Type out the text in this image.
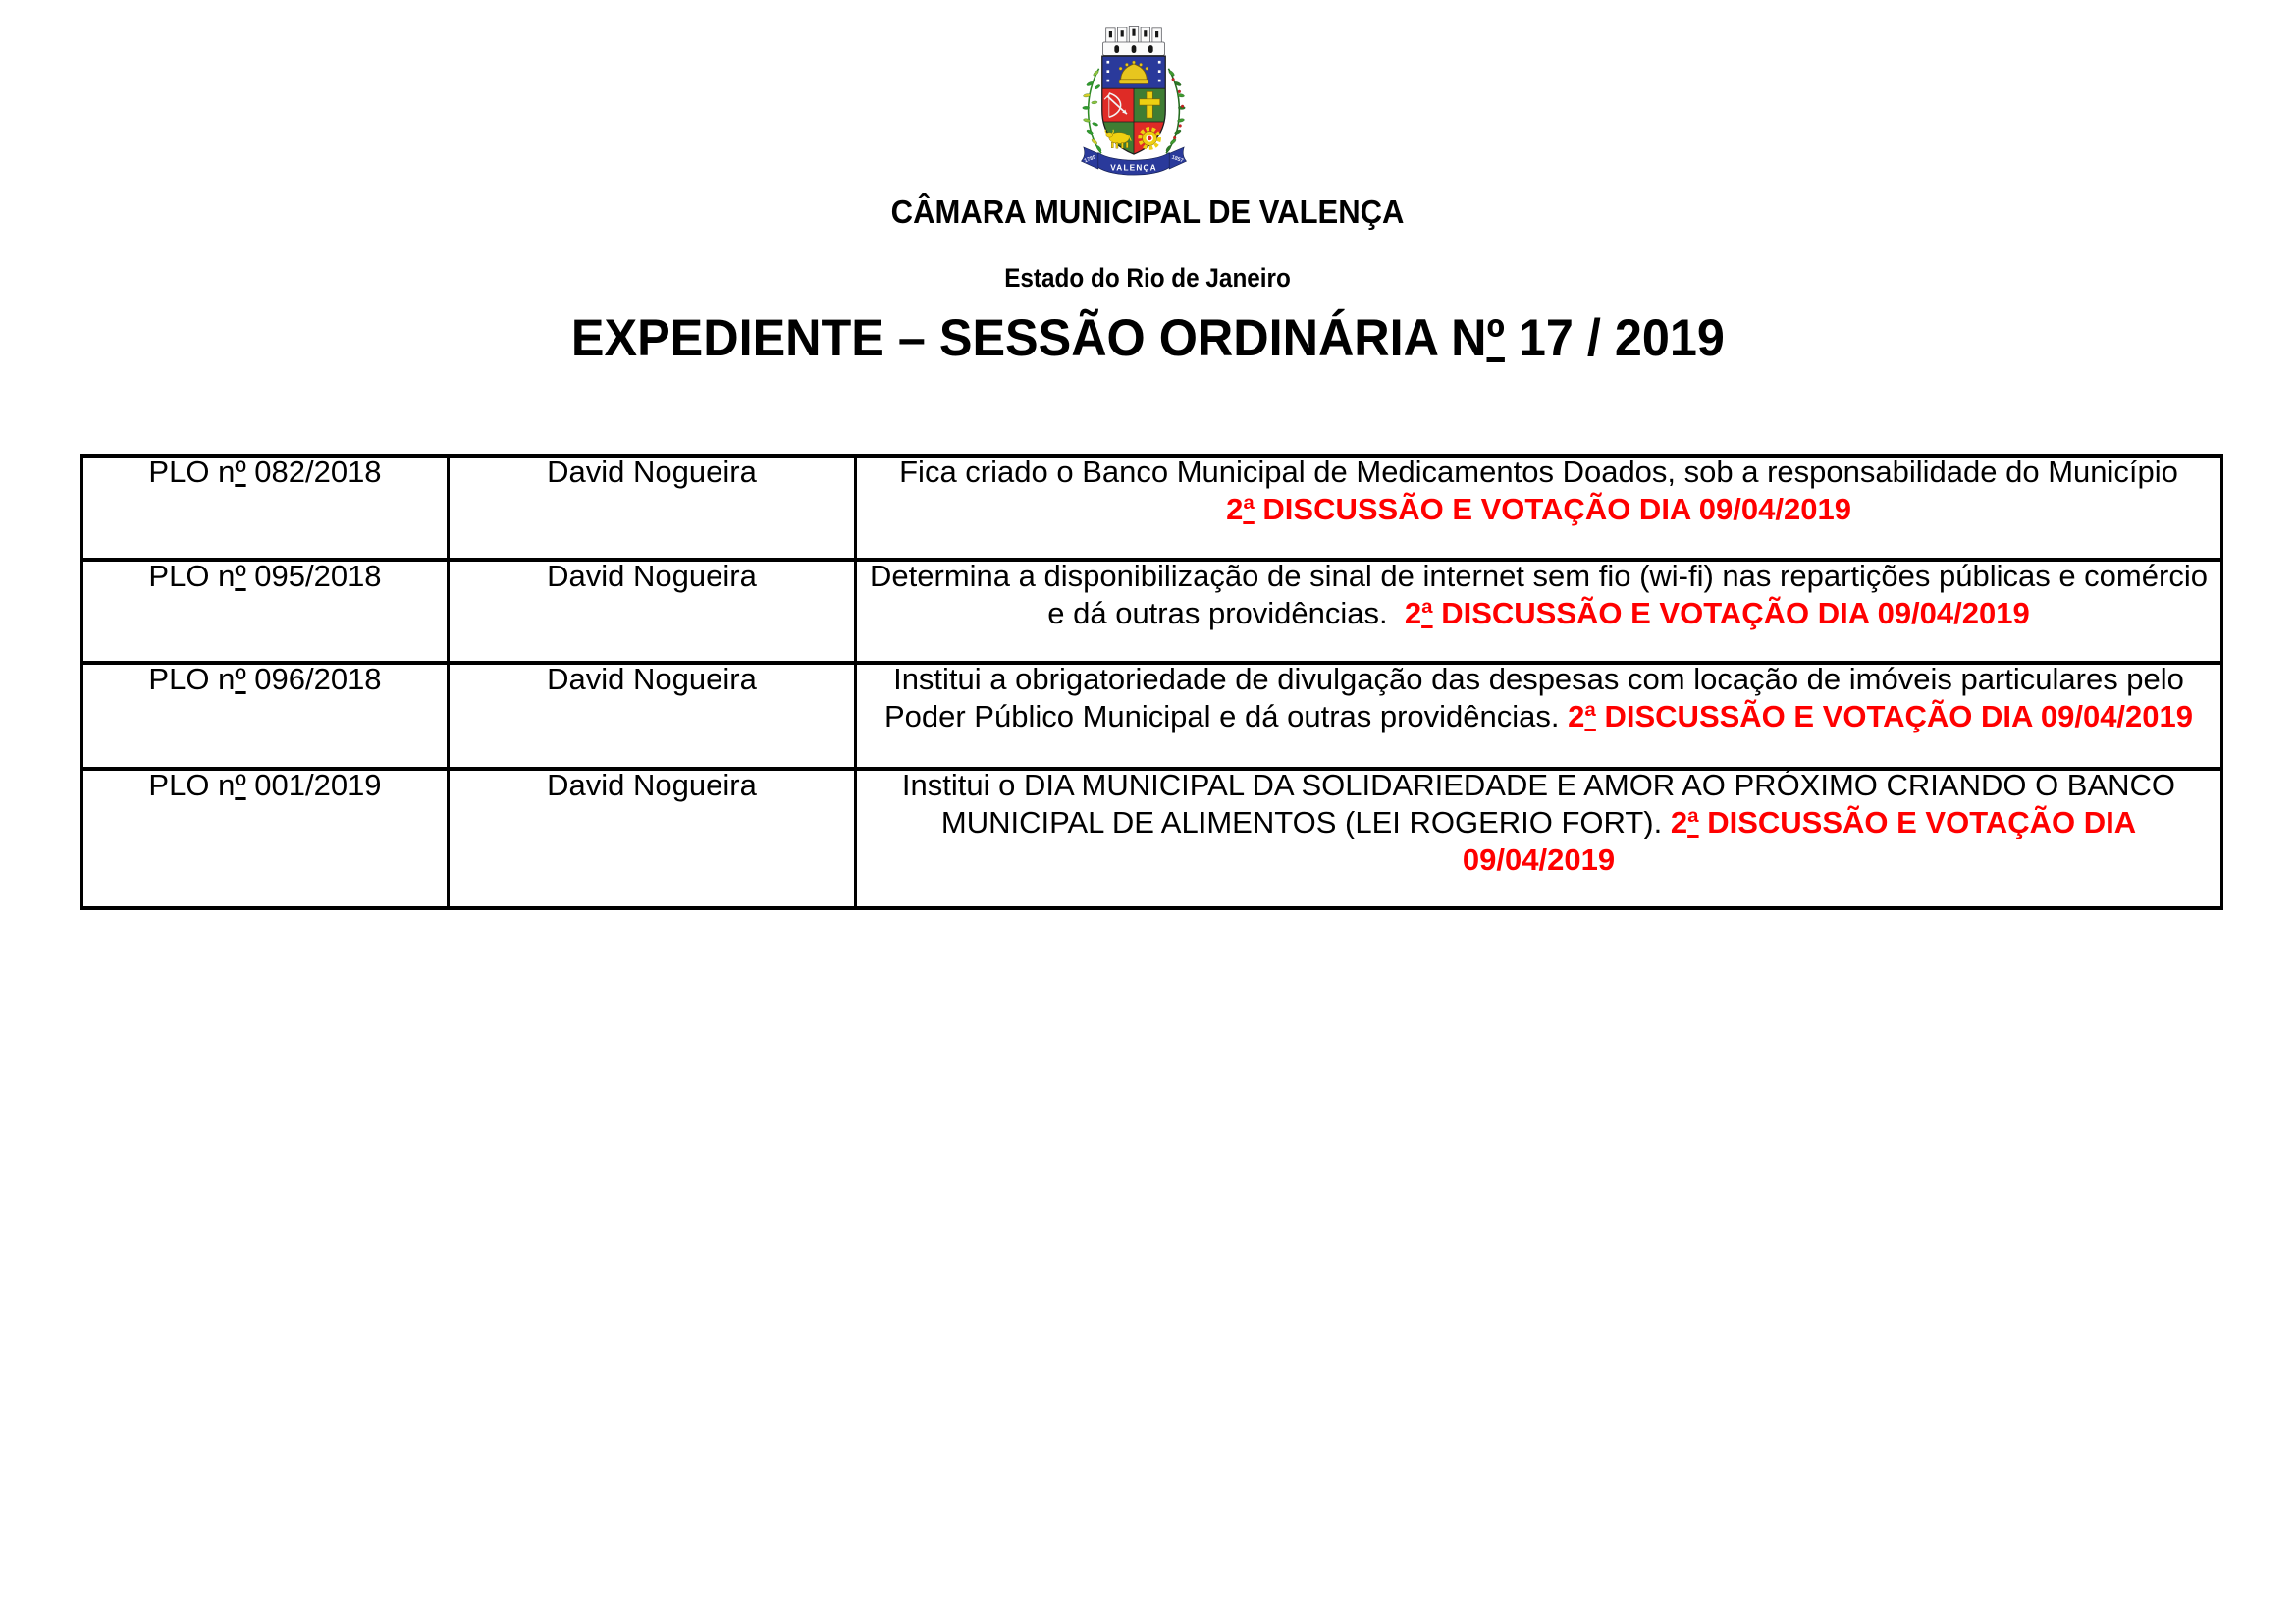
1789
VALENÇA
1857
CÂMARA MUNICIPAL DE VALENÇA
Estado do Rio de Janeiro
EXPEDIENTE – SESSÃO ORDINÁRIA Nº 17 / 2019
PLO nº 082/2018	David Nogueira	Fica criado o Banco Municipal de Medicamentos Doados, sob a responsabilidade do Município
2ª DISCUSSÃO E VOTAÇÃO DIA 09/04/2019

PLO nº 095/2018	David Nogueira	Determina a disponibilização de sinal de internet sem fio (wi-fi) nas repartições públicas e comércio
e dá outras providências.  2ª DISCUSSÃO E VOTAÇÃO DIA 09/04/2019

PLO nº 096/2018	David Nogueira	Institui a obrigatoriedade de divulgação das despesas com locação de imóveis particulares pelo
Poder Público Municipal e dá outras providências. 2ª DISCUSSÃO E VOTAÇÃO DIA 09/04/2019

PLO nº 001/2019	David Nogueira	Institui o DIA MUNICIPAL DA SOLIDARIEDADE E AMOR AO PRÓXIMO CRIANDO O BANCO
MUNICIPAL DE ALIMENTOS (LEI ROGERIO FORT). 2ª DISCUSSÃO E VOTAÇÃO DIA
09/04/2019
